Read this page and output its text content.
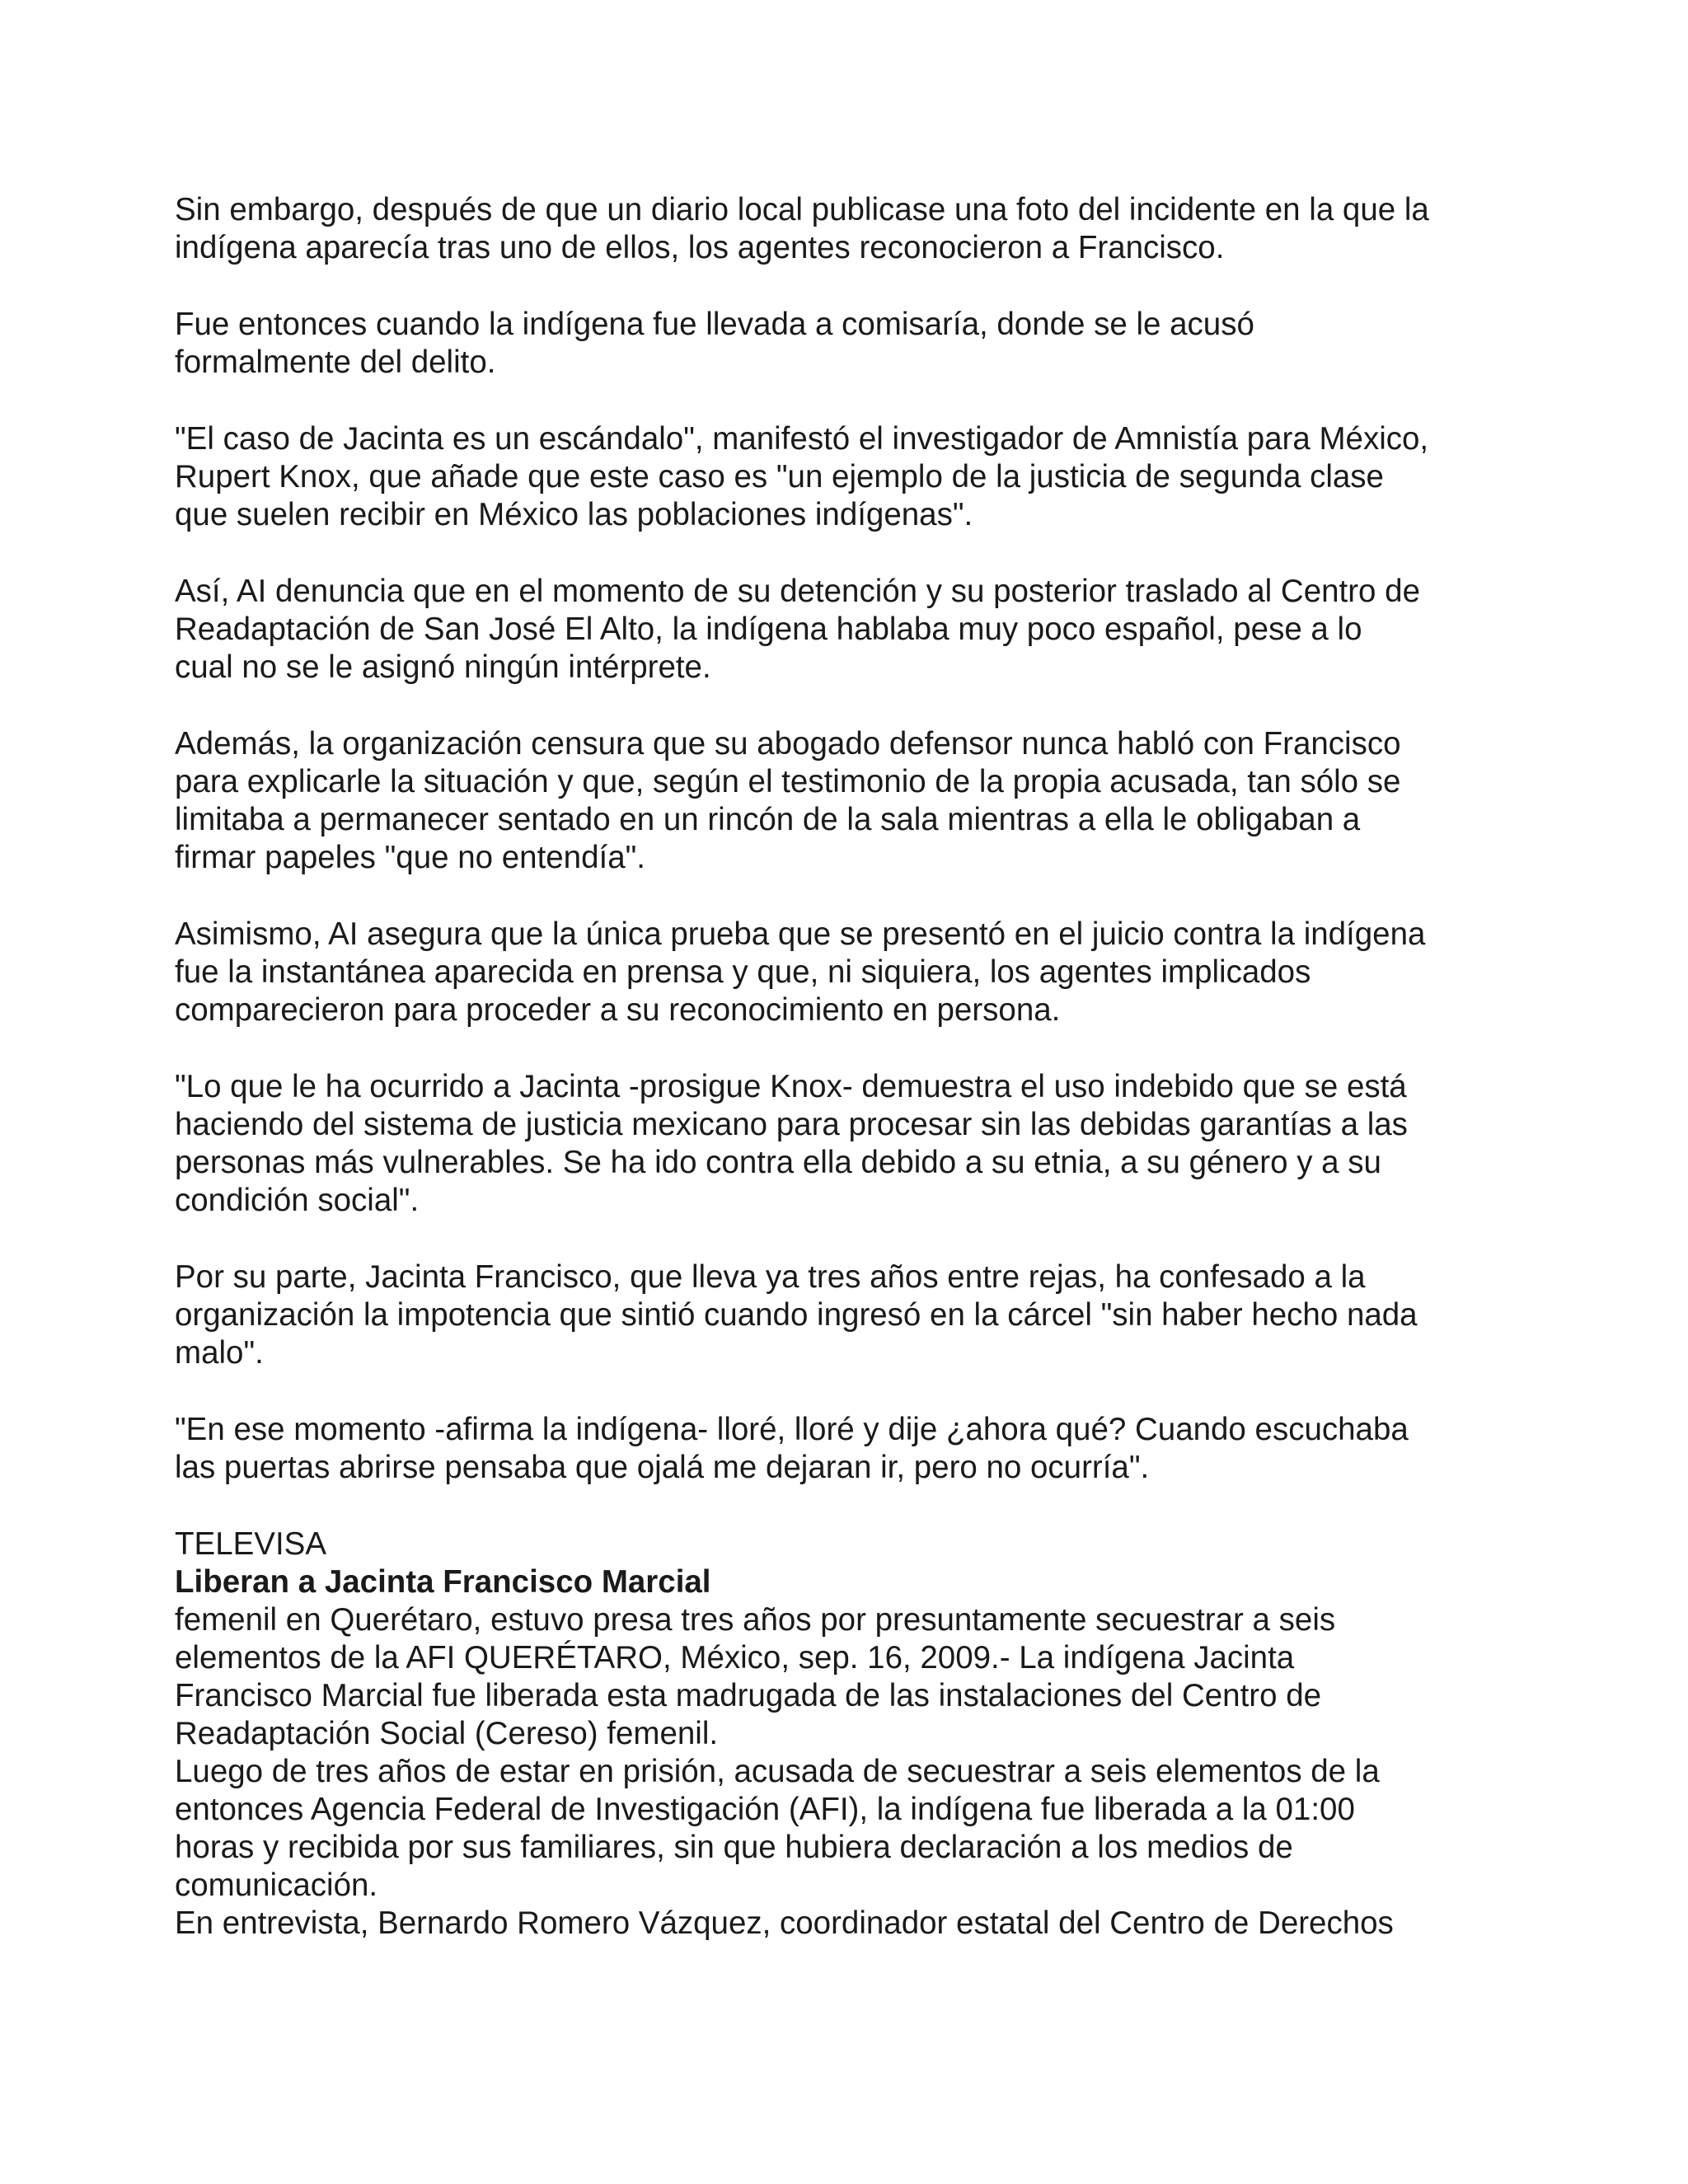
Sin embargo, después de que un diario local publicase una foto del incidente en la que la
indígena aparecía tras uno de ellos, los agentes reconocieron a Francisco.

Fue entonces cuando la indígena fue llevada a comisaría, donde se le acusó
formalmente del delito.

"El caso de Jacinta es un escándalo", manifestó el investigador de Amnistía para México,
Rupert Knox, que añade que este caso es "un ejemplo de la justicia de segunda clase
que suelen recibir en México las poblaciones indígenas".

Así, AI denuncia que en el momento de su detención y su posterior traslado al Centro de
Readaptación de San José El Alto, la indígena hablaba muy poco español, pese a lo
cual no se le asignó ningún intérprete.

Además, la organización censura que su abogado defensor nunca habló con Francisco
para explicarle la situación y que, según el testimonio de la propia acusada, tan sólo se
limitaba a permanecer sentado en un rincón de la sala mientras a ella le obligaban a
firmar papeles "que no entendía".

Asimismo, AI asegura que la única prueba que se presentó en el juicio contra la indígena
fue la instantánea aparecida en prensa y que, ni siquiera, los agentes implicados
comparecieron para proceder a su reconocimiento en persona.

"Lo que le ha ocurrido a Jacinta -prosigue Knox- demuestra el uso indebido que se está
haciendo del sistema de justicia mexicano para procesar sin las debidas garantías a las
personas más vulnerables. Se ha ido contra ella debido a su etnia, a su género y a su
condición social".

Por su parte, Jacinta Francisco, que lleva ya tres años entre rejas, ha confesado a la
organización la impotencia que sintió cuando ingresó en la cárcel "sin haber hecho nada
malo".

"En ese momento -afirma la indígena- lloré, lloré y dije ¿ahora qué? Cuando escuchaba
las puertas abrirse pensaba que ojalá me dejaran ir, pero no ocurría".

TELEVISA

Liberan a Jacinta Francisco Marcial

femenil en Querétaro, estuvo presa tres años por presuntamente secuestrar a seis
elementos de la AFI QUERÉTARO, México, sep. 16, 2009.- La indígena Jacinta
Francisco Marcial fue liberada esta madrugada de las instalaciones del Centro de
Readaptación Social (Cereso) femenil.

Luego de tres años de estar en prisión, acusada de secuestrar a seis elementos de la
entonces Agencia Federal de Investigación (AFI), la indígena fue liberada a la 01:00
horas y recibida por sus familiares, sin que hubiera declaración a los medios de
comunicación.

En entrevista, Bernardo Romero Vázquez, coordinador estatal del Centro de Derechos
